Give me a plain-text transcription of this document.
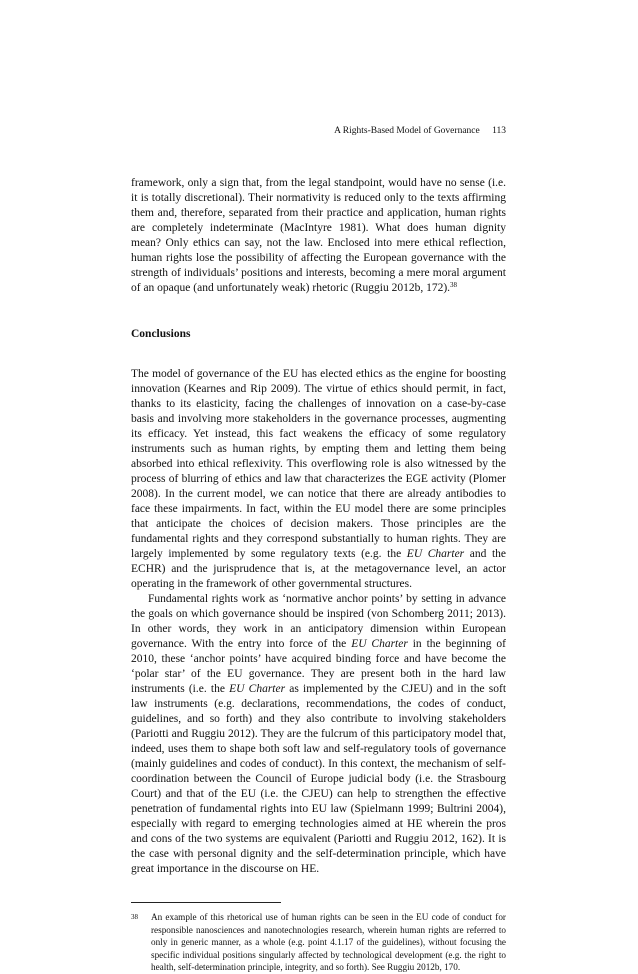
A Rights-Based Model of Governance 113

framework, only a sign that, from the legal standpoint, would have no sense (i.e. it is totally discretional). Their normativity is reduced only to the texts affirming them and, therefore, separated from their practice and application, human rights are completely indeterminate (MacIntyre 1981). What does human dignity mean? Only ethics can say, not the law. Enclosed into mere ethical reflection, human rights lose the possibility of affecting the European governance with the strength of individuals’ positions and interests, becoming a mere moral argument of an opaque (and unfortunately weak) rhetoric (Ruggiu 2012b, 172).$^{38}$

Conclusions

The model of governance of the EU has elected ethics as the engine for boosting innovation (Kearnes and Rip 2009). The virtue of ethics should permit, in fact, thanks to its elasticity, facing the challenges of innovation on a case-by-case basis and involving more stakeholders in the governance processes, augmenting its efficacy. Yet instead, this fact weakens the efficacy of some regulatory instruments such as human rights, by empting them and letting them being absorbed into ethical reflexivity. This overflowing role is also witnessed by the process of blurring of ethics and law that characterizes the EGE activity (Plomer 2008). In the current model, we can notice that there are already antibodies to face these impairments. In fact, within the EU model there are some principles that anticipate the choices of decision makers. Those principles are the fundamental rights and they correspond substantially to human rights. They are largely implemented by some regulatory texts (e.g. the EU Charter and the ECHR) and the jurisprudence that is, at the metagovernance level, an actor operating in the framework of other governmental structures.

Fundamental rights work as ‘normative anchor points’ by setting in advance the goals on which governance should be inspired (von Schomberg 2011; 2013). In other words, they work in an anticipatory dimension within European governance. With the entry into force of the EU Charter in the beginning of 2010, these ‘anchor points’ have acquired binding force and have become the ‘polar star’ of the EU governance. They are present both in the hard law instruments (i.e. the EU Charter as implemented by the CJEU) and in the soft law instruments (e.g. declarations, recommendations, the codes of conduct, guidelines, and so forth) and they also contribute to involving stakeholders (Pariotti and Ruggiu 2012). They are the fulcrum of this participatory model that, indeed, uses them to shape both soft law and self-regulatory tools of governance (mainly guidelines and codes of conduct). In this context, the mechanism of self-coordination between the Council of Europe judicial body (i.e. the Strasbourg Court) and that of the EU (i.e. the CJEU) can help to strengthen the effective penetration of fundamental rights into EU law (Spielmann 1999; Bultrini 2004), especially with regard to emerging technologies aimed at HE wherein the pros and cons of the two systems are equivalent (Pariotti and Ruggiu 2012, 162). It is the case with personal dignity and the self-determination principle, which have great importance in the discourse on HE.

38	An example of this rhetorical use of human rights can be seen in the EU code of conduct for responsible nanosciences and nanotechnologies research, wherein human rights are referred to only in generic manner, as a whole (e.g. point 4.1.17 of the guidelines), without focusing the specific individual positions singularly affected by technological development (e.g. the right to health, self-determination principle, integrity, and so forth). See Ruggiu 2012b, 170.
